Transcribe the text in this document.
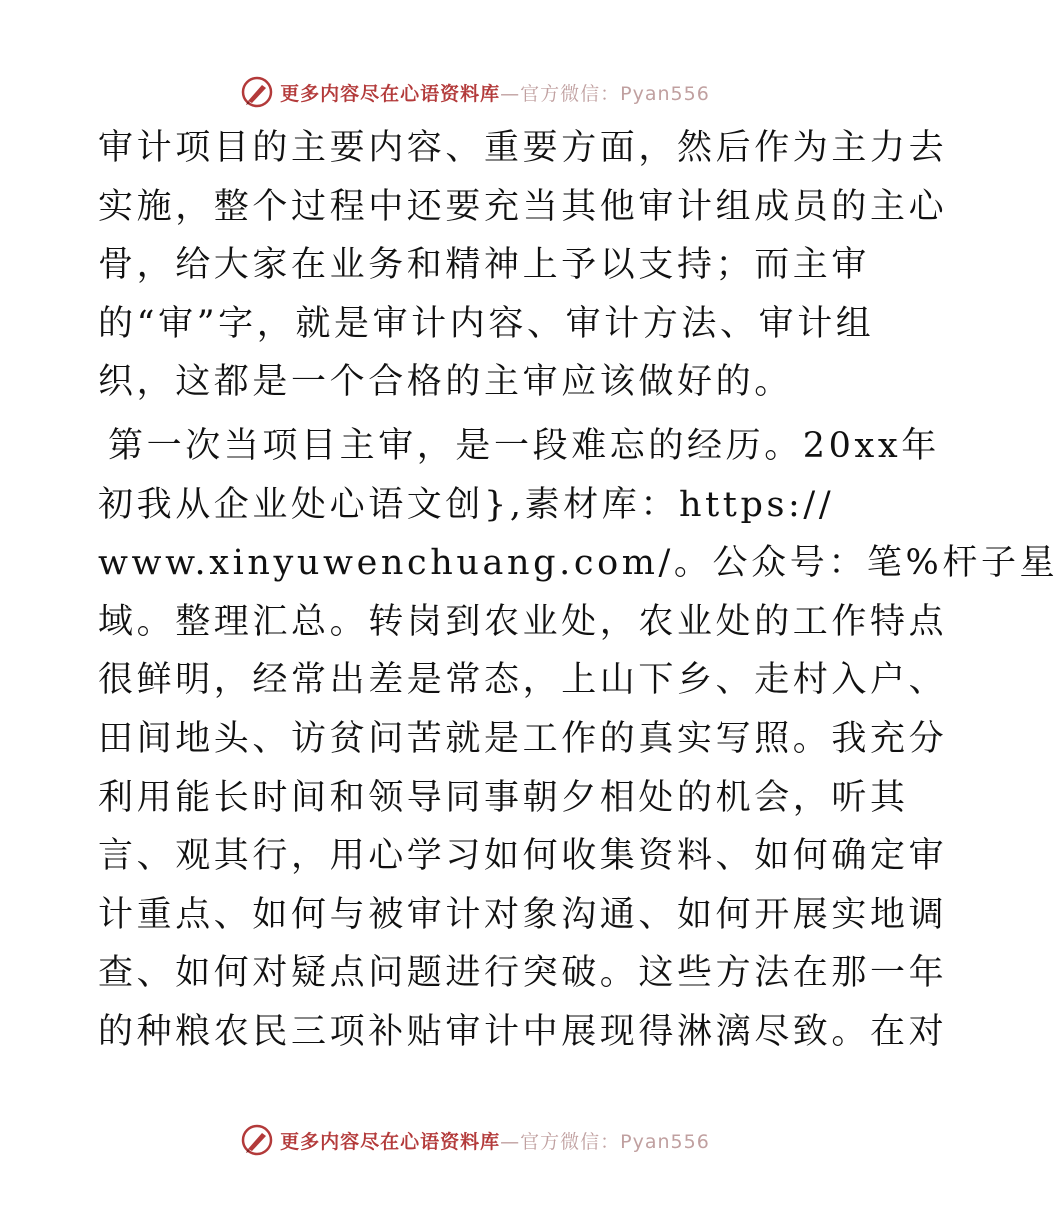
更多内容尽在心语资料库—官方微信：Pyan556
审计项目的主要内容、重要方面，然后作为主力去
实施，整个过程中还要充当其他审计组成员的主心
骨，给大家在业务和精神上予以支持；而主审
的“审”字，就是审计内容、审计方法、审计组
织，这都是一个合格的主审应该做好的。
第一次当项目主审，是一段难忘的经历。20xx年
初我从企业处心语文创},素材库：https://
www.xinyuwenchuang.com/。公众号：笔%杆子星
域。整理汇总。转岗到农业处，农业处的工作特点
很鲜明，经常出差是常态，上山下乡、走村入户、
田间地头、访贫问苦就是工作的真实写照。我充分
利用能长时间和领导同事朝夕相处的机会，听其
言、观其行，用心学习如何收集资料、如何确定审
计重点、如何与被审计对象沟通、如何开展实地调
查、如何对疑点问题进行突破。这些方法在那一年
的种粮农民三项补贴审计中展现得淋漓尽致。在对
更多内容尽在心语资料库—官方微信：Pyan556
